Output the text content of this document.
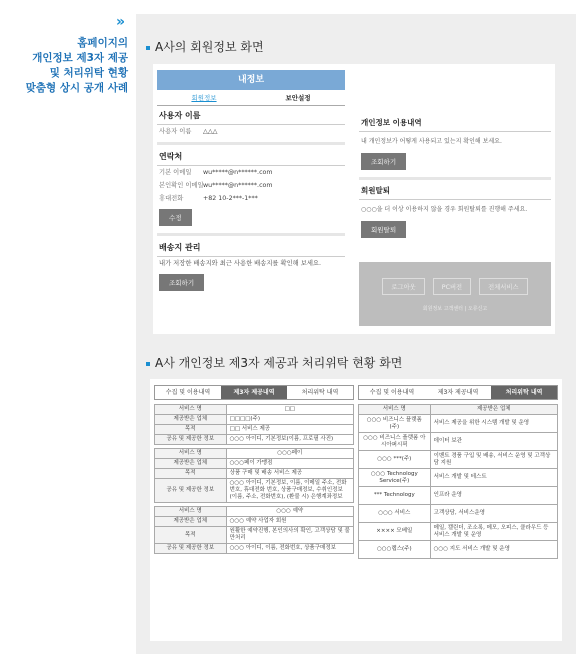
»
홈페이지의
개인정보 제3자 제공
및 처리위탁 현황
맞춤형 상시 공개 사례
A사의 회원정보 화면
내정보
회원정보	보안설정
사용자 이름
사용자 이름 △△△
연락처
기본 이메일 wu*****@n******.com
본인확인 이메일wu*****@n******.com
휴대전화	+82 10-2***-1***
수정
배송지 관리
내가 저장한 배송지와 최근 사용한 배송지를 확인해 보세요.
조회하기
개인정보 이용내역
내 개인정보가 어떻게 사용되고 있는지 확인해 보세요.
조회하기
회원탈퇴
○○○을 더 이상 이용하지 않을 경우 회원탈퇴를 진행해 주세요.
회원탈퇴
로그아웃	PC버전	전체서비스
회원정보 고객센터 | 오류신고
A사 개인정보 제3자 제공과 처리위탁 현황 화면
수집 및 이용내역	제3자 제공내역	처리위탁 내역
서비스 명	□□
제공받은 업체	□□□□(주)
목적	□□ 서비스 제공
공유 및 제공한 정보	○○○ 아이디, 기본정보(이름, 프로필 사진)

서비스 명	○○○페이
제공받은 업체	○○○페이 가맹점
목적	상품 구매 및 배송 서비스 제공
공유 및 제공한 정보	○○○ 아이디, 기본정보, 이름, 이메일 주소, 전화번호, 휴대전화 번호, 상품구매정보, 수취인정보(이름, 주소, 전화번호), (환불 시) 은행계좌정보

서비스 명	○○○ 예약
제공받은 업체	○○○ 예약 사업자 회원
목적	원활한 예약진행, 본인의사의 확인, 고객상담 및 불만처리
공유 및 제공한 정보	○○○ 아이디, 이름, 전화번호, 상품구매정보
수집 및 이용내역	제3자 제공내역	처리위탁 내역
서비스 명	제공받은 업체
○○○ 비즈니스 플랫폼(주)	서비스 제공을 위한 시스템 개발 및 운영
○○○ 비즈니스 플랫폼 아시아퍼시픽	데이터 보관
○○○ ***(주)	이벤트 경품 구입 및 배송, 서비스 운영 및 고객상담 지원
○○○ Technology Service(주)	서비스 개발 및 테스트
*** Technology	인프라 운영
○○○ 서비스	고객상담, 서비스운영
×××× 모베일	메일, 캘린더, 조소록, 메모, 오피스, 클라우드 등 서비스 개발 및 운영
○○○랩스(주)	○○○ 지도 서비스 개발 및 운영
